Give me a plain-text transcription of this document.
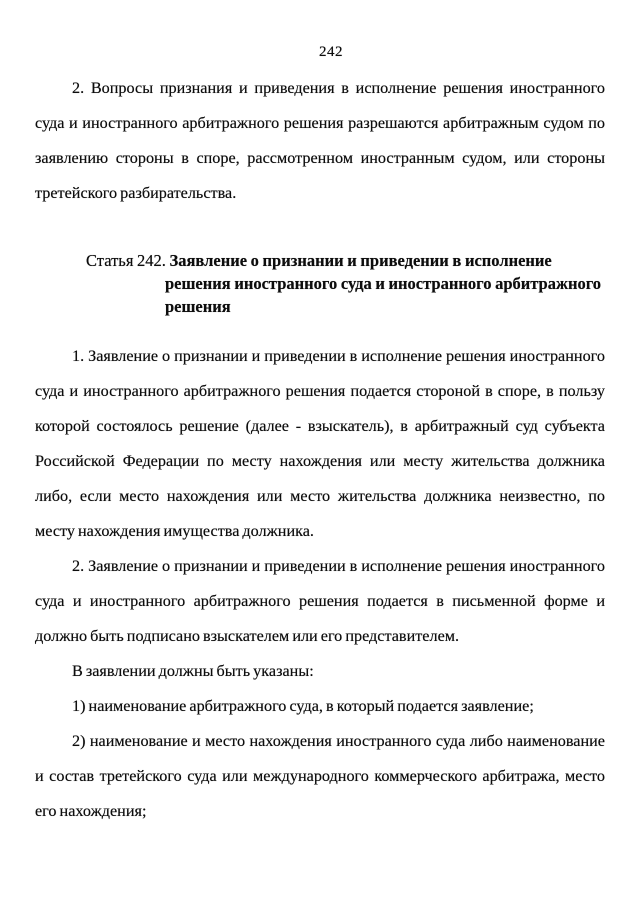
242

2. Вопросы признания и приведения в исполнение решения иностранного суда и иностранного арбитражного решения разрешаются арбитражным судом по заявлению стороны в споре, рассмотренном иностранным судом, или стороны третейского разбирательства.

Статья 242. Заявление о признании и приведении в исполнение решения иностранного суда и иностранного арбитражного решения

1. Заявление о признании и приведении в исполнение решения иностранного суда и иностранного арбитражного решения подается стороной в споре, в пользу которой состоялось решение (далее - взыскатель), в арбитражный суд субъекта Российской Федерации по месту нахождения или месту жительства должника либо, если место нахождения или место жительства должника неизвестно, по месту нахождения имущества должника.

2. Заявление о признании и приведении в исполнение решения иностранного суда и иностранного арбитражного решения подается в письменной форме и должно быть подписано взыскателем или его представителем.

В заявлении должны быть указаны:

1) наименование арбитражного суда, в который подается заявление;

2) наименование и место нахождения иностранного суда либо наименование и состав третейского суда или международного коммерческого арбитража, место его нахождения;
